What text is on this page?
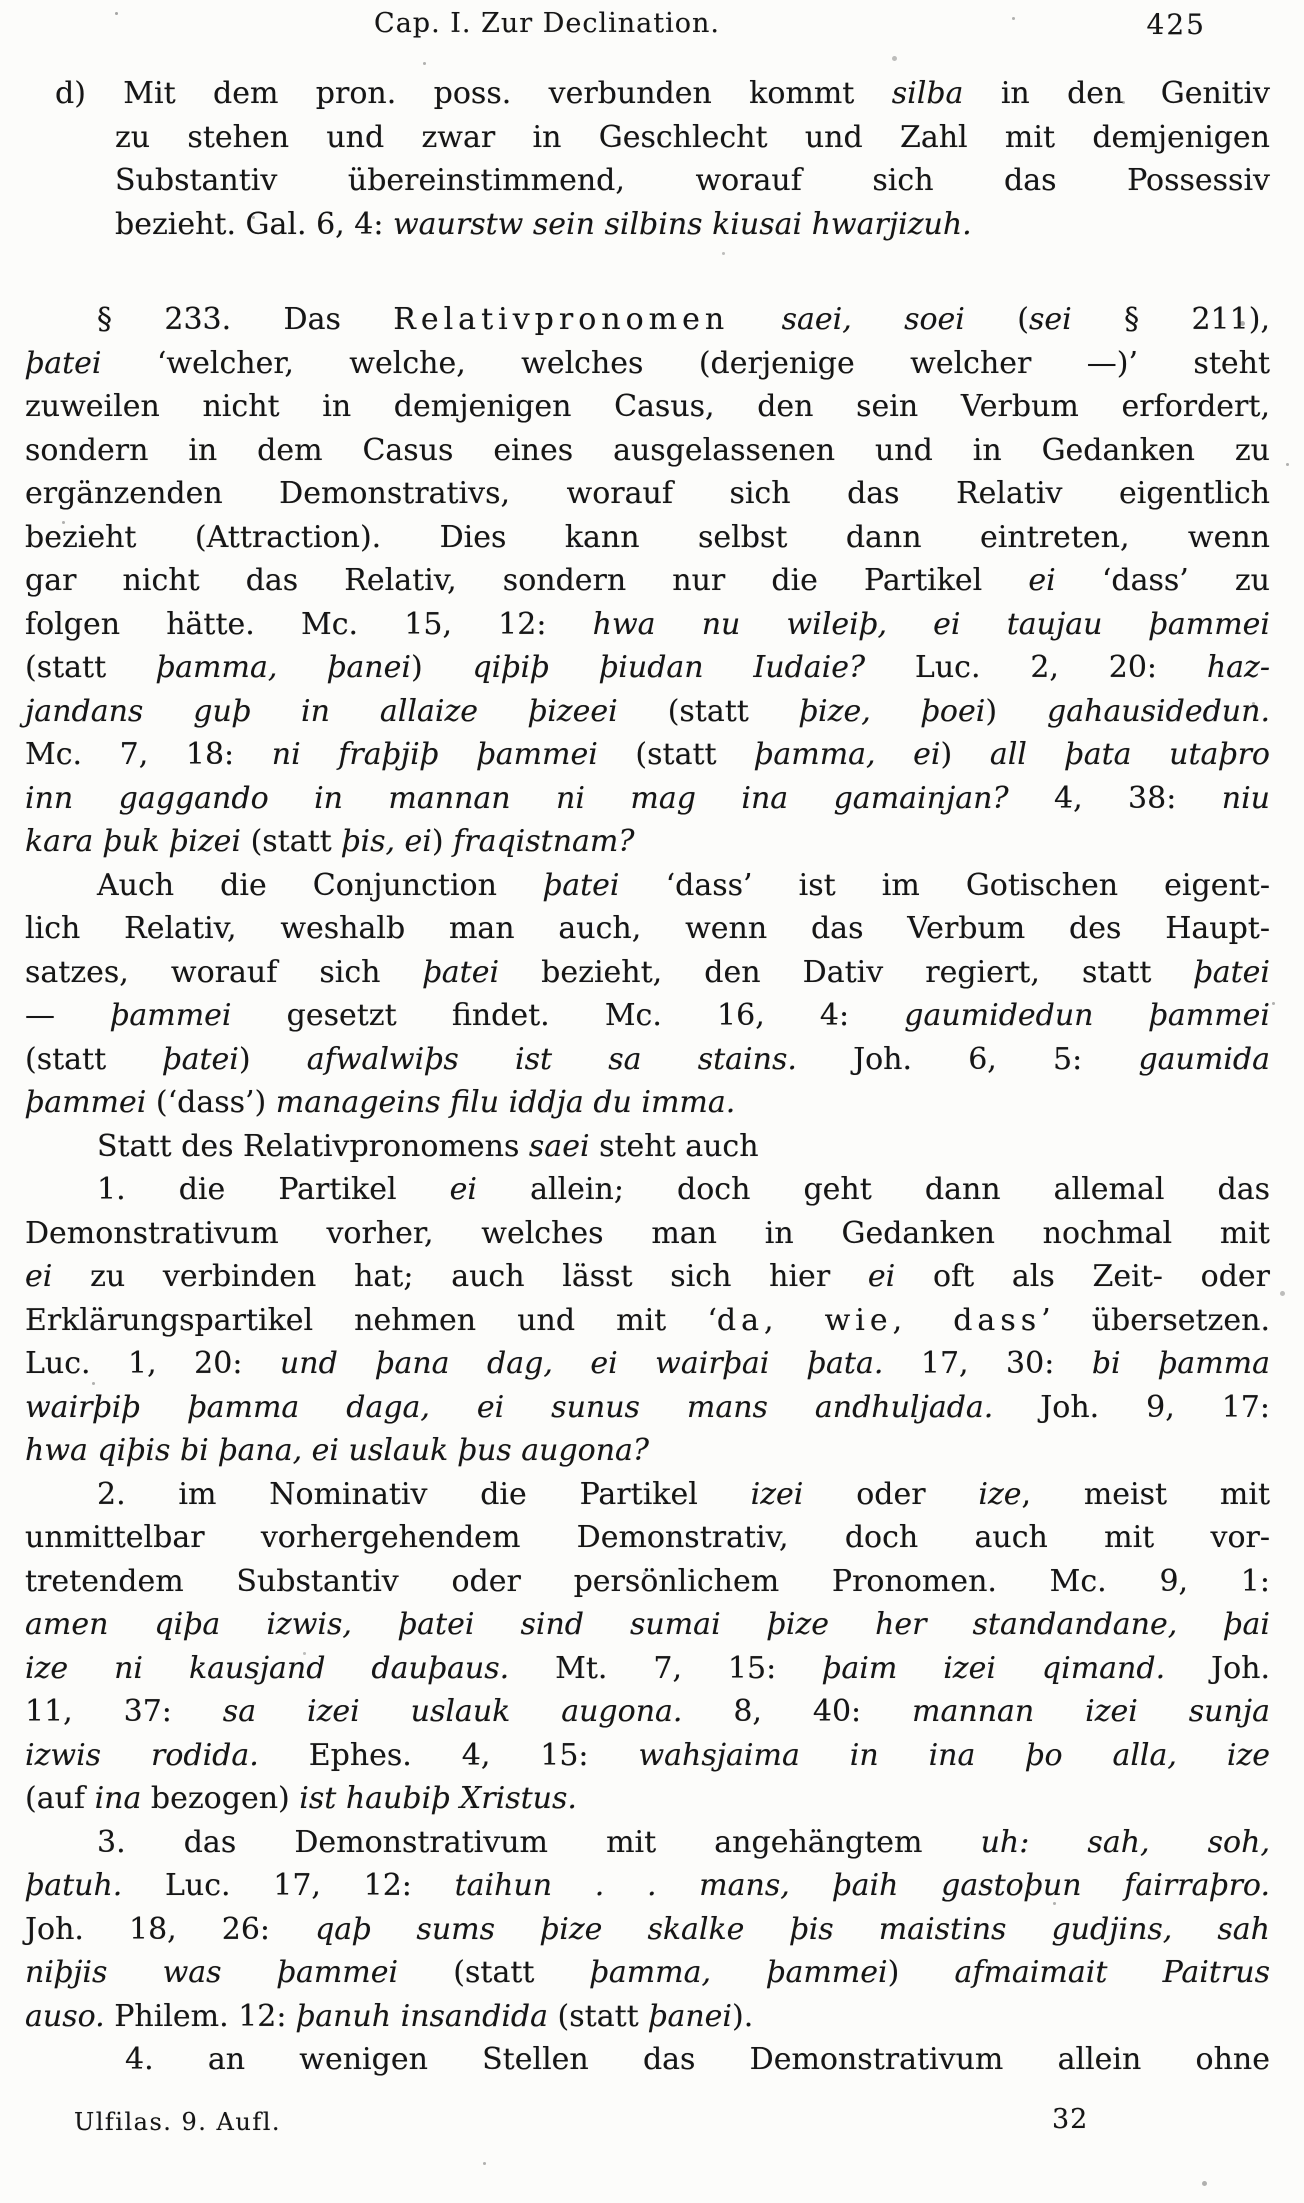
Cap. I. Zur Declination.	425
d) Mit dem pron. poss. verbunden kommt silba in den Genitiv
zu stehen und zwar in Geschlecht und Zahl mit demjenigen
Substantiv übereinstimmend, worauf sich das Possessiv
bezieht. Gal. 6, 4: waurstw sein silbins kiusai hwarjizuh.
§ 233. Das Relativpronomen saei, soei (sei § 211),
þatei ‘welcher, welche, welches (derjenige welcher —)’ steht
zuweilen nicht in demjenigen Casus, den sein Verbum erfordert,
sondern in dem Casus eines ausgelassenen und in Gedanken zu
ergänzenden Demonstrativs, worauf sich das Relativ eigentlich
bezieht (Attraction). Dies kann selbst dann eintreten, wenn
gar nicht das Relativ, sondern nur die Partikel ei ‘dass’ zu
folgen hätte. Mc. 15, 12: hwa nu wileiþ, ei taujau þammei
(statt þamma, þanei) qiþiþ þiudan Iudaie? Luc. 2, 20: haz-
jandans guþ in allaize þizeei (statt þize, þoei) gahausidedun.
Mc. 7, 18: ni fraþjiþ þammei (statt þamma, ei) all þata utaþro
inn gaggando in mannan ni mag ina gamainjan? 4, 38: niu
kara þuk þizei (statt þis, ei) fraqistnam?
Auch die Conjunction þatei ‘dass’ ist im Gotischen eigent-
lich Relativ, weshalb man auch, wenn das Verbum des Haupt-
satzes, worauf sich þatei bezieht, den Dativ regiert, statt þatei
— þammei gesetzt findet. Mc. 16, 4: gaumidedun þammei
(statt þatei) afwalwiþs ist sa stains. Joh. 6, 5: gaumida
þammei (‘dass’) manageins filu iddja du imma.
Statt des Relativpronomens saei steht auch
1. die Partikel ei allein; doch geht dann allemal das
Demonstrativum vorher, welches man in Gedanken nochmal mit
ei zu verbinden hat; auch lässt sich hier ei oft als Zeit- oder
Erklärungspartikel nehmen und mit ‘da, wie, dass’ übersetzen.
Luc. 1, 20: und þana dag, ei wairþai þata. 17, 30: bi þamma
wairþiþ þamma daga, ei sunus mans andhuljada. Joh. 9, 17:
hwa qiþis bi þana, ei uslauk þus augona?
2. im Nominativ die Partikel izei oder ize, meist mit
unmittelbar vorhergehendem Demonstrativ, doch auch mit vor-
tretendem Substantiv oder persönlichem Pronomen. Mc. 9, 1:
amen qiþa izwis, þatei sind sumai þize her standandane, þai
ize ni kausjand dauþaus. Mt. 7, 15: þaim izei qimand. Joh.
11, 37: sa izei uslauk augona. 8, 40: mannan izei sunja
izwis rodida. Ephes. 4, 15: wahsjaima in ina þo alla, ize
(auf ina bezogen) ist haubiþ Xristus.
3. das Demonstrativum mit angehängtem uh: sah, soh,
þatuh. Luc. 17, 12: taihun . . mans, þaih gastoþun fairraþro.
Joh. 18, 26: qaþ sums þize skalke þis maistins gudjins, sah
niþjis was þammei (statt þamma, þammei) afmaimait Paitrus
auso. Philem. 12: þanuh insandida (statt þanei).
4. an wenigen Stellen das Demonstrativum allein ohne
Ulfilas. 9. Aufl.	32
